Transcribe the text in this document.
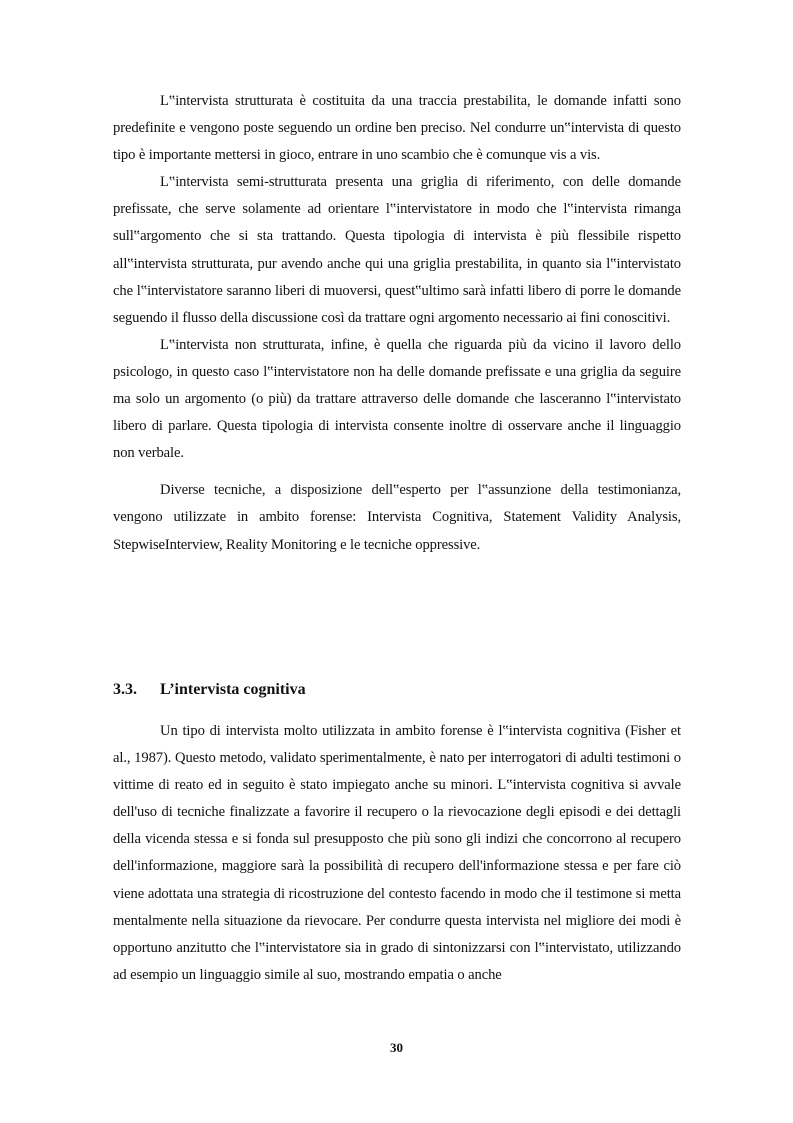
L‟intervista strutturata è costituita da una traccia prestabilita, le domande infatti sono predefinite e vengono poste seguendo un ordine ben preciso. Nel condurre un‟intervista di questo tipo è importante mettersi in gioco, entrare in uno scambio che è comunque vis a vis.

L‟intervista semi-strutturata presenta una griglia di riferimento, con delle domande prefissate, che serve solamente ad orientare l‟intervistatore in modo che l‟intervista rimanga sull‟argomento che si sta trattando. Questa tipologia di intervista è più flessibile rispetto all‟intervista strutturata, pur avendo anche qui una griglia prestabilita, in quanto sia l‟intervistato che l‟intervistatore saranno liberi di muoversi, quest‟ultimo sarà infatti libero di porre le domande seguendo il flusso della discussione così da trattare ogni argomento necessario ai fini conoscitivi.

L‟intervista non strutturata, infine, è quella che riguarda più da vicino il lavoro dello psicologo, in questo caso l‟intervistatore non ha delle domande prefissate e una griglia da seguire ma solo un argomento (o più) da trattare attraverso delle domande che lasceranno l‟intervistato libero di parlare. Questa tipologia di intervista consente inoltre di osservare anche il linguaggio non verbale.

Diverse tecniche, a disposizione dell‟esperto per l‟assunzione della testimonianza, vengono utilizzate in ambito forense: Intervista Cognitiva, Statement Validity Analysis, StepwiseInterview, Reality Monitoring e le tecniche oppressive.

3.3. L’intervista cognitiva

Un tipo di intervista molto utilizzata in ambito forense è l‟intervista cognitiva (Fisher et al., 1987). Questo metodo, validato sperimentalmente, è nato per interrogatori di adulti testimoni o vittime di reato ed in seguito è stato impiegato anche su minori. L‟intervista cognitiva si avvale dell'uso di tecniche finalizzate a favorire il recupero o la rievocazione degli episodi e dei dettagli della vicenda stessa e si fonda sul presupposto che più sono gli indizi che concorrono al recupero dell'informazione, maggiore sarà la possibilità di recupero dell'informazione stessa e per fare ciò viene adottata una strategia di ricostruzione del contesto facendo in modo che il testimone si metta mentalmente nella situazione da rievocare. Per condurre questa intervista nel migliore dei modi è opportuno anzitutto che l‟intervistatore sia in grado di sintonizzarsi con l‟intervistato, utilizzando ad esempio un linguaggio simile al suo, mostrando empatia o anche

30
